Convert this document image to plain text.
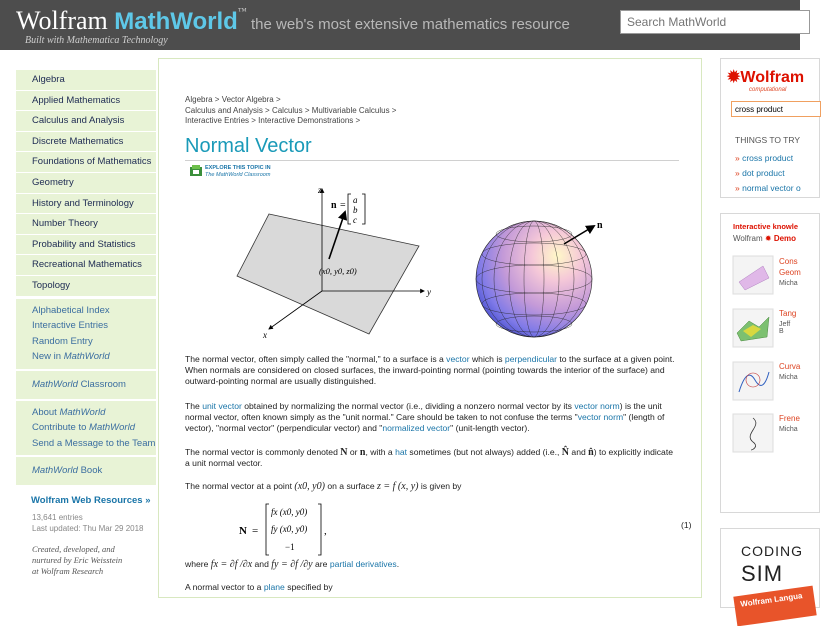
Wolfram MathWorld™
Built with Mathematica Technology
the web's most extensive mathematics resource
Search MathWorld
Algebra
Applied Mathematics
Calculus and Analysis
Discrete Mathematics
Foundations of Mathematics
Geometry
History and Terminology
Number Theory
Probability and Statistics
Recreational Mathematics
Topology
Alphabetical Index
Interactive Entries
Random Entry
New in MathWorld
MathWorld Classroom
About MathWorld
Contribute to MathWorld
Send a Message to the Team
MathWorld Book
Wolfram Web Resources »
13,641 entries
Last updated: Thu Mar 29 2018
Created, developed, and
nurtured by Eric Weisstein
at Wolfram Research
Algebra > Vector Algebra >
Calculus and Analysis > Calculus > Multivariable Calculus >
Interactive Entries > Interactive Demonstrations >
Normal Vector
EXPLORE THIS TOPIC IN
The MathWorld Classroom
z
y
x
n = a
b
c
(x0, y0, z0)
n
The normal vector, often simply called the "normal," to a surface is a vector which is perpendicular to the surface at a given point. When normals are considered on closed surfaces, the inward-pointing normal (pointing towards the interior of the surface) and outward-pointing normal are usually distinguished.
The unit vector obtained by normalizing the normal vector (i.e., dividing a nonzero normal vector by its vector norm) is the unit normal vector, often known simply as the "unit normal." Care should be taken to not confuse the terms "vector norm" (length of vector), "normal vector" (perpendicular vector) and "normalized vector" (unit-length vector).
The normal vector is commonly denoted N or n, with a hat sometimes (but not always) added (i.e., N̂ and n̂) to explicitly indicate a unit normal vector.
The normal vector at a point (x0, y0) on a surface z = f (x, y) is given by
N =
fx (x0, y0)
fy (x0, y0)
−1
,	(1)
where fx = ∂f /∂x and fy = ∂f /∂y are partial derivatives.
A normal vector to a plane specified by
✹Wolfram
computational
cross product
THINGS TO TRY
» cross product
» dot product
» normal vector o
Interactive knowle
Wolfram ✹ Demo
Cons
Geom
Micha
Tang
Jeff B
Curva
Micha
Frene
Micha
CODING
SIM
Wolfram Langua
